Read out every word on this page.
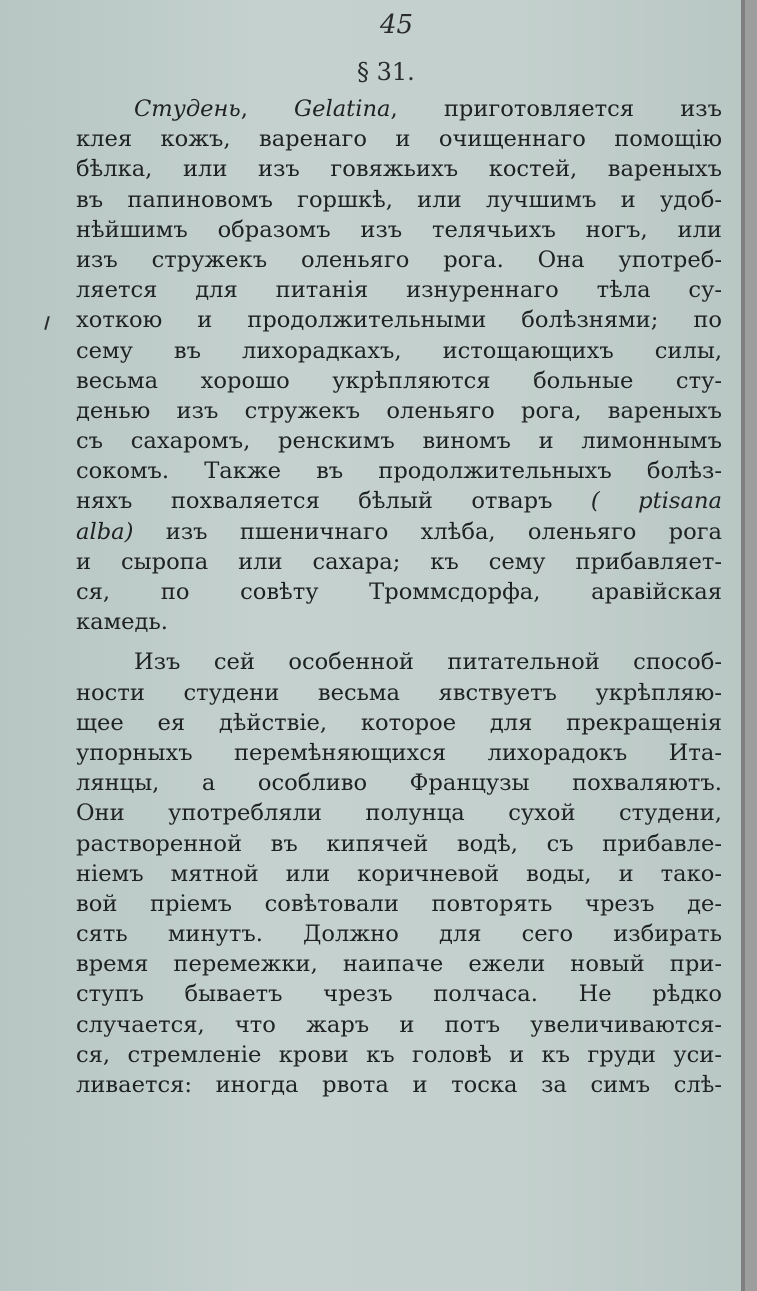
45
§ 31.
Студень, Gelatina, приготовляется изъ
клея кожъ, варенаго и очищеннаго помощію
бѣлка, или изъ говяжьихъ костей, вареныхъ
въ папиновомъ горшкѣ, или лучшимъ и удоб-
нѣйшимъ образомъ изъ телячьихъ ногъ, или
изъ стружекъ оленьяго рога. Она употреб-
ляется для питанія изнуреннаго тѣла су-
хоткою и продолжительными болѣзнями; по
сему въ лихорадкахъ, истощающихъ силы,
весьма хорошо укрѣпляются больные сту-
денью изъ стружекъ оленьяго рога, вареныхъ
съ сахаромъ, ренскимъ виномъ и лимоннымъ
сокомъ. Также въ продолжительныхъ болѣз-
няхъ похваляется бѣлый отваръ ( ptisana
alba) изъ пшеничнаго хлѣба, оленьяго рога
и сыропа или сахара; къ сему прибавляет-
ся, по совѣту Троммсдорфа, аравійская
камедь.
Изъ сей особенной питательной способ-
ности студени весьма явствуетъ укрѣпляю-
щее ея дѣйствіе, которое для прекращенія
упорныхъ перемѣняющихся лихорадокъ Ита-
лянцы, а особливо Французы похваляютъ.
Они употребляли полунца сухой студени,
растворенной въ кипячей водѣ, съ прибавле-
ніемъ мятной или коричневой воды, и тако-
вой пріемъ совѣтовали повторять чрезъ де-
сять минутъ. Должно для сего избирать
время перемежки, наипаче ежели новый при-
ступъ бываетъ чрезъ полчаса. Не рѣдко
случается, что жаръ и потъ увеличиваются-
ся, стремленіе крови къ головѣ и къ груди уси-
ливается: иногда рвота и тоска за симъ слѣ-
